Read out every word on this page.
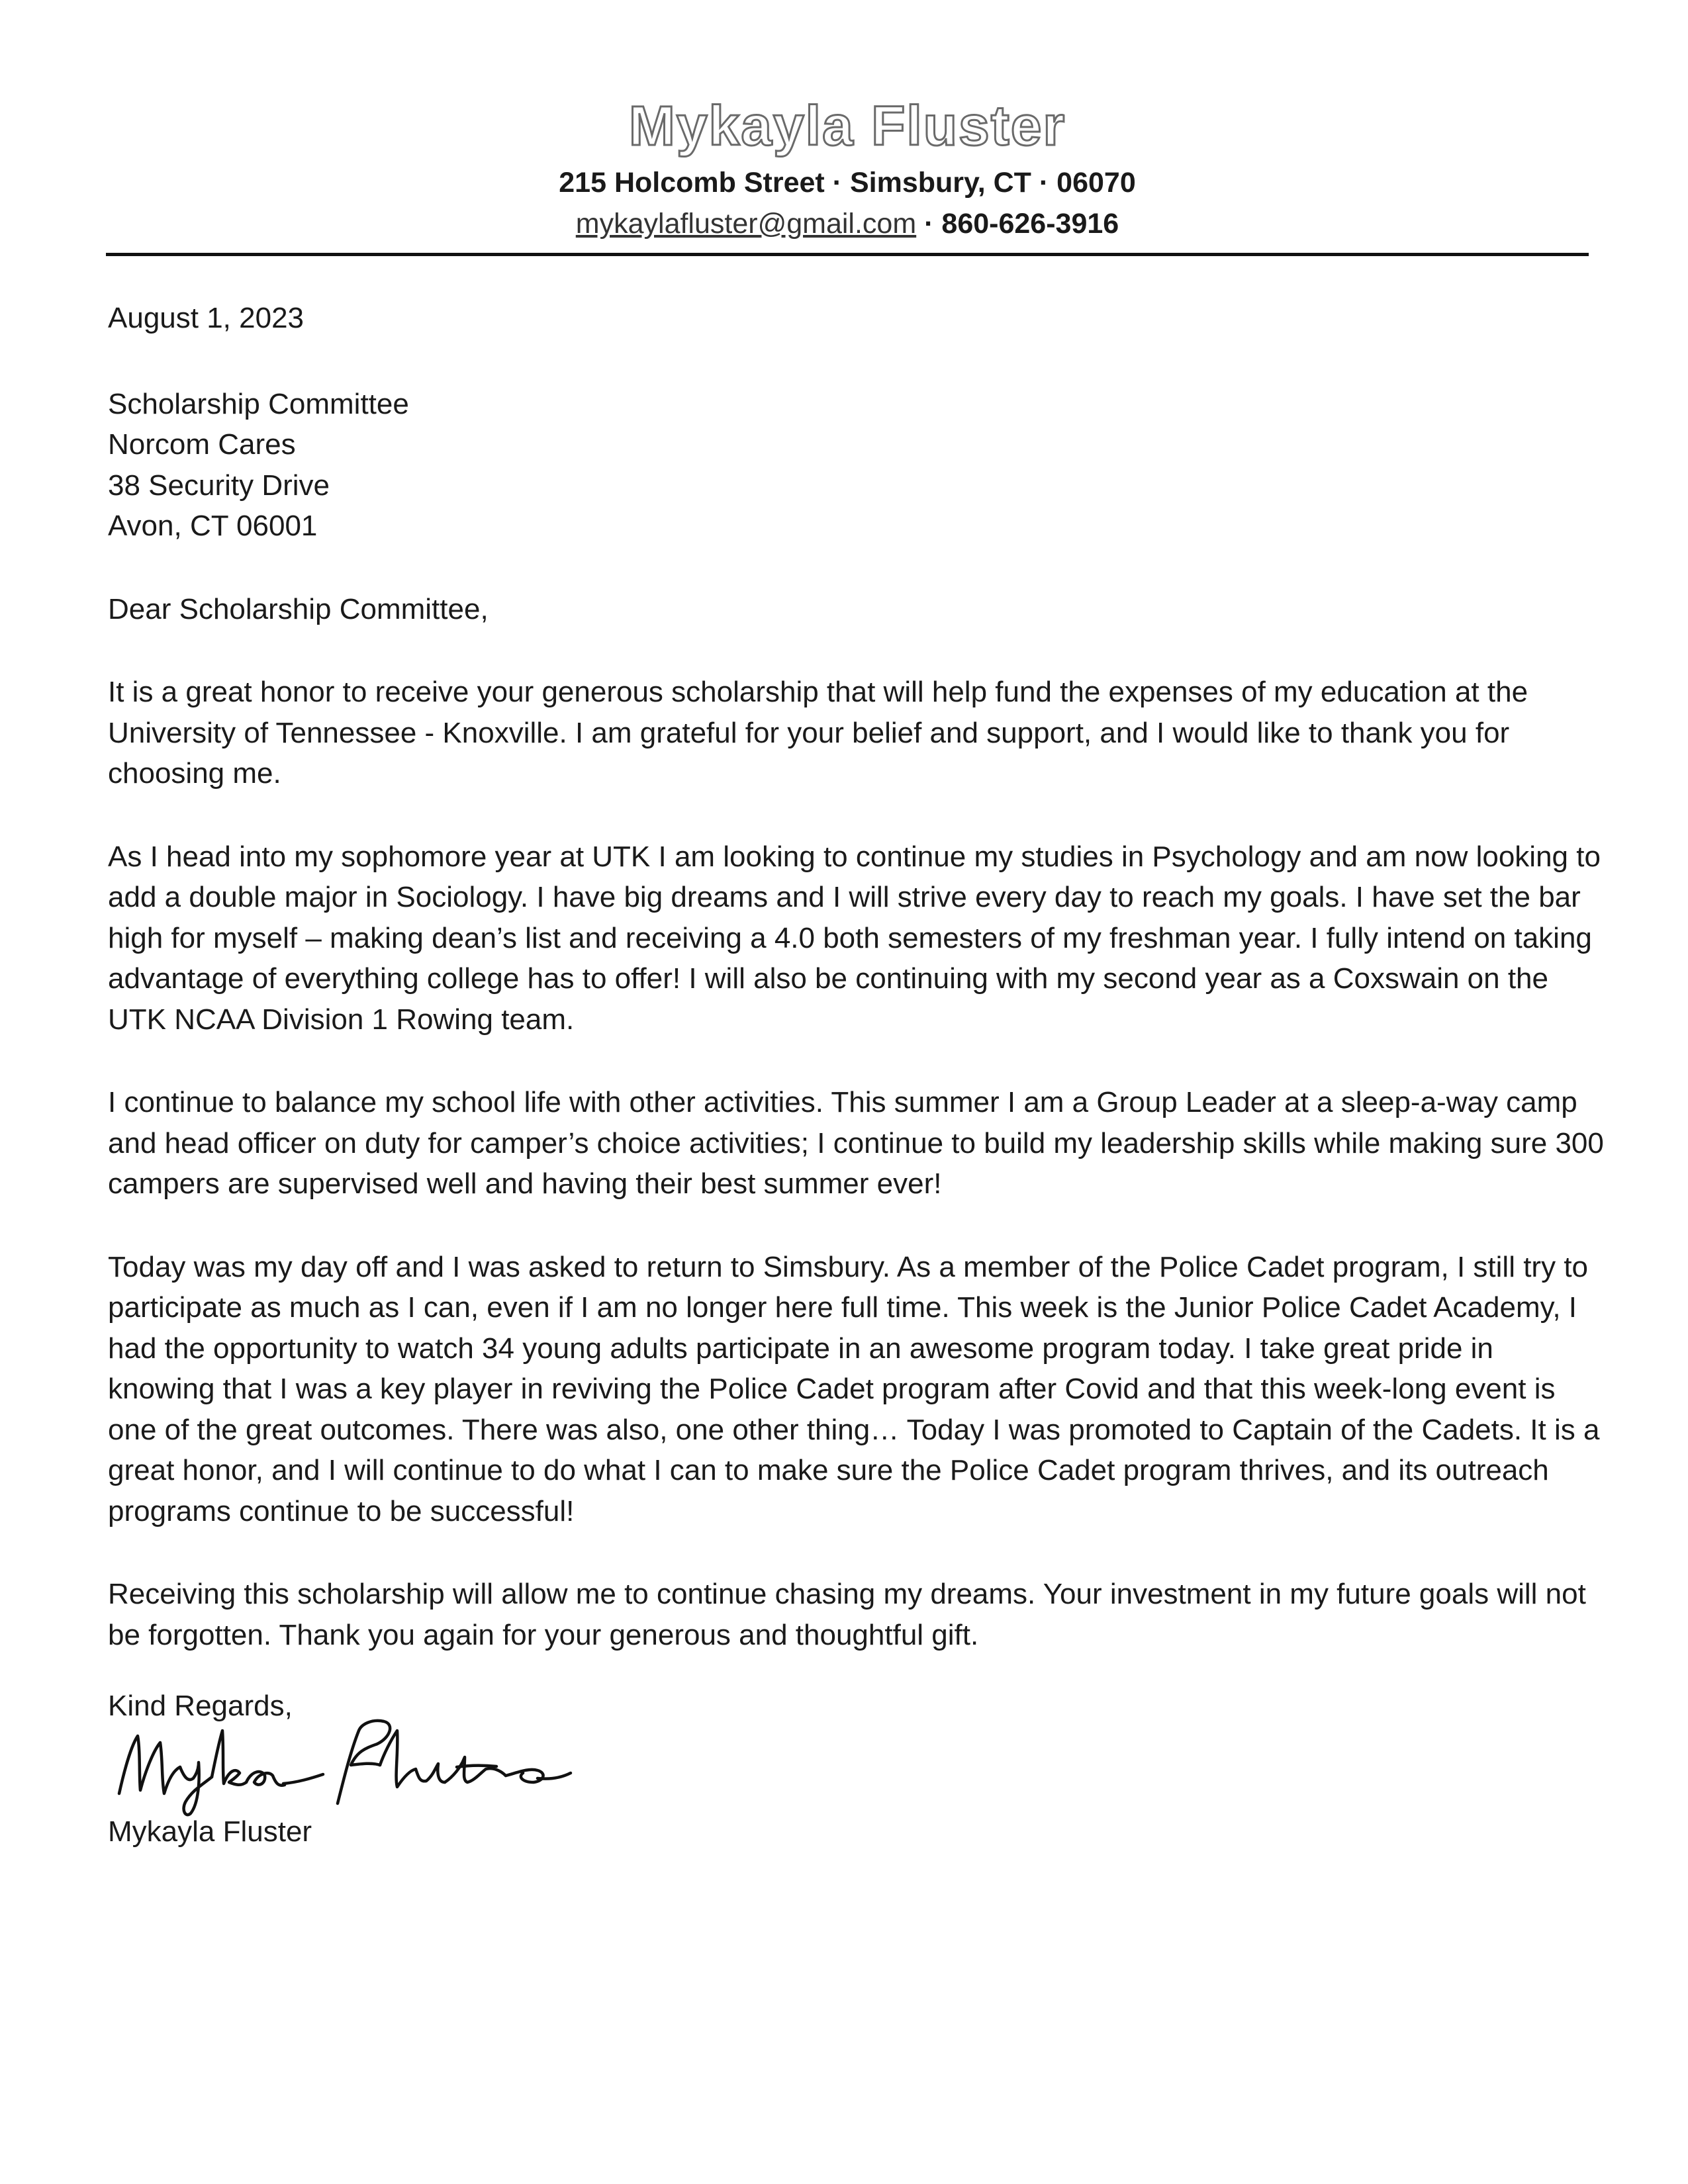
Mykayla Fluster
215 Holcomb Street · Simsbury, CT · 06070
mykaylafluster@gmail.com · 860-626-3916

August 1, 2023

Scholarship Committee

Norcom Cares

38 Security Drive

Avon, CT 06001

Dear Scholarship Committee,

It is a great honor to receive your generous scholarship that will help fund the expenses of my education at the University of Tennessee - Knoxville. I am grateful for your belief and support, and I would like to thank you for choosing me.

As I head into my sophomore year at UTK I am looking to continue my studies in Psychology and am now looking to add a double major in Sociology. I have big dreams and I will strive every day to reach my goals. I have set the bar high for myself – making dean’s list and receiving a 4.0 both semesters of my freshman year. I fully intend on taking advantage of everything college has to offer! I will also be continuing with my second year as a Coxswain on the UTK NCAA Division 1 Rowing team.

I continue to balance my school life with other activities. This summer I am a Group Leader at a sleep-a-way camp and head officer on duty for camper’s choice activities; I continue to build my leadership skills while making sure 300 campers are supervised well and having their best summer ever!

Today was my day off and I was asked to return to Simsbury. As a member of the Police Cadet program, I still try to participate as much as I can, even if I am no longer here full time. This week is the Junior Police Cadet Academy, I had the opportunity to watch 34 young adults participate in an awesome program today. I take great pride in knowing that I was a key player in reviving the Police Cadet program after Covid and that this week-long event is one of the great outcomes. There was also, one other thing… Today I was promoted to Captain of the Cadets. It is a great honor, and I will continue to do what I can to make sure the Police Cadet program thrives, and its outreach programs continue to be successful!

Receiving this scholarship will allow me to continue chasing my dreams. Your investment in my future goals will not be forgotten. Thank you again for your generous and thoughtful gift.

Kind Regards,
Mykayla Fluster
